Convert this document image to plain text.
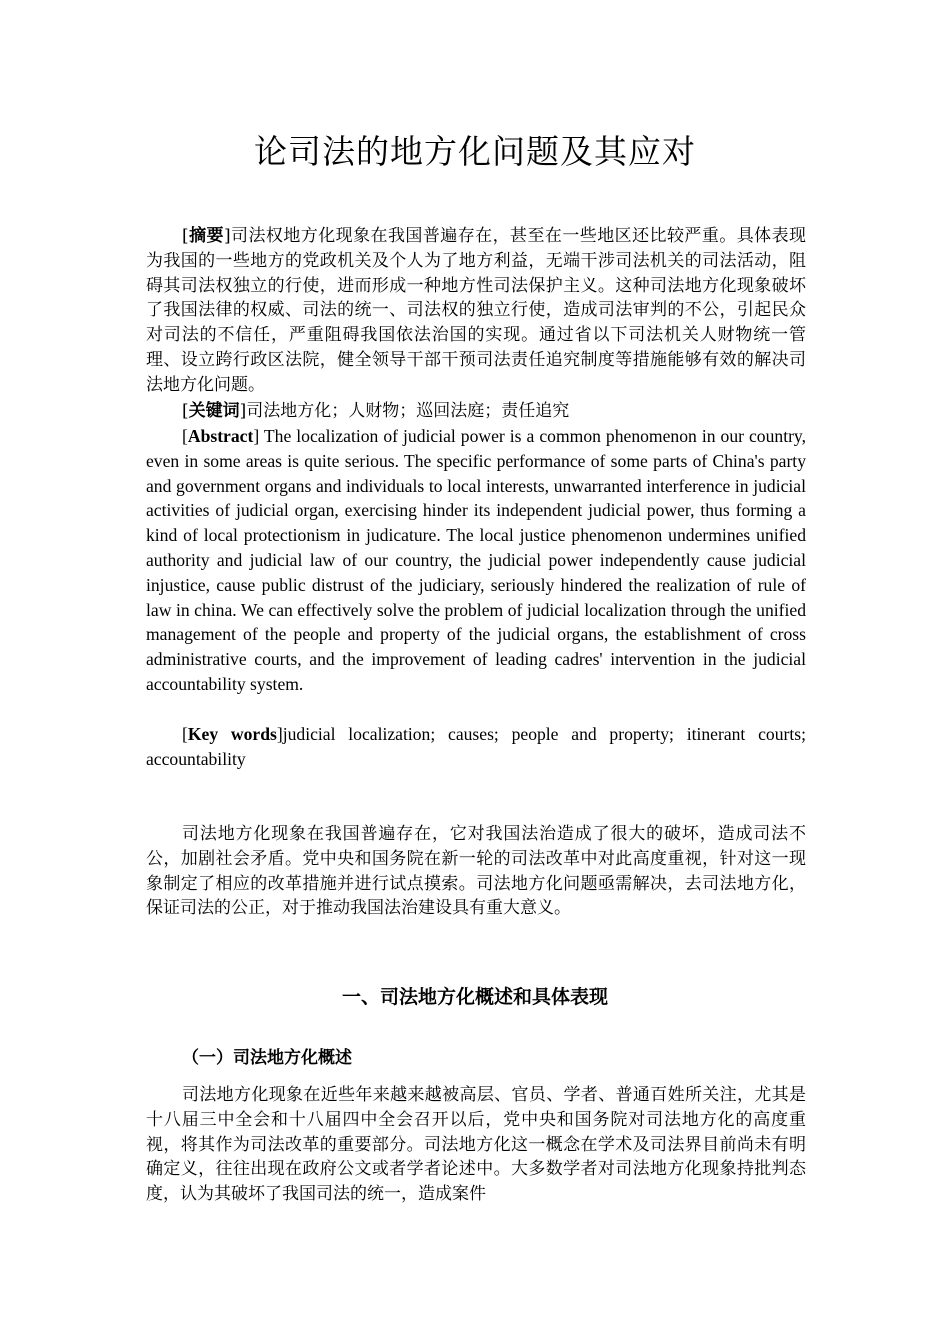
论司法的地方化问题及其应对

[摘要]司法权地方化现象在我国普遍存在，甚至在一些地区还比较严重。具体表现为我国的一些地方的党政机关及个人为了地方利益，无端干涉司法机关的司法活动，阻碍其司法权独立的行使，进而形成一种地方性司法保护主义。这种司法地方化现象破坏了我国法律的权威、司法的统一、司法权的独立行使，造成司法审判的不公，引起民众对司法的不信任，严重阻碍我国依法治国的实现。通过省以下司法机关人财物统一管理、设立跨行政区法院，健全领导干部干预司法责任追究制度等措施能够有效的解决司法地方化问题。

[关键词]司法地方化；人财物；巡回法庭；责任追究

[Abstract] The localization of judicial power is a common phenomenon in our country, even in some areas is quite serious. The specific performance of some parts of China's party and government organs and individuals to local interests, unwarranted interference in judicial activities of judicial organ, exercising hinder its independent judicial power, thus forming a kind of local protectionism in judicature. The local justice phenomenon undermines unified authority and judicial law of our country, the judicial power independently cause judicial injustice, cause public distrust of the judiciary, seriously hindered the realization of rule of law in china. We can effectively solve the problem of judicial localization through the unified management of the people and property of the judicial organs, the establishment of cross administrative courts, and the improvement of leading cadres' intervention in the judicial accountability system.

[Key words]judicial localization; causes; people and property; itinerant courts; accountability

司法地方化现象在我国普遍存在，它对我国法治造成了很大的破坏，造成司法不公，加剧社会矛盾。党中央和国务院在新一轮的司法改革中对此高度重视，针对这一现象制定了相应的改革措施并进行试点摸索。司法地方化问题亟需解决，去司法地方化，保证司法的公正，对于推动我国法治建设具有重大意义。

一、司法地方化概述和具体表现
（一）司法地方化概述

司法地方化现象在近些年来越来越被高层、官员、学者、普通百姓所关注，尤其是十八届三中全会和十八届四中全会召开以后，党中央和国务院对司法地方化的高度重视，将其作为司法改革的重要部分。司法地方化这一概念在学术及司法界目前尚未有明确定义，往往出现在政府公文或者学者论述中。大多数学者对司法地方化现象持批判态度，认为其破坏了我国司法的统一，造成案件
